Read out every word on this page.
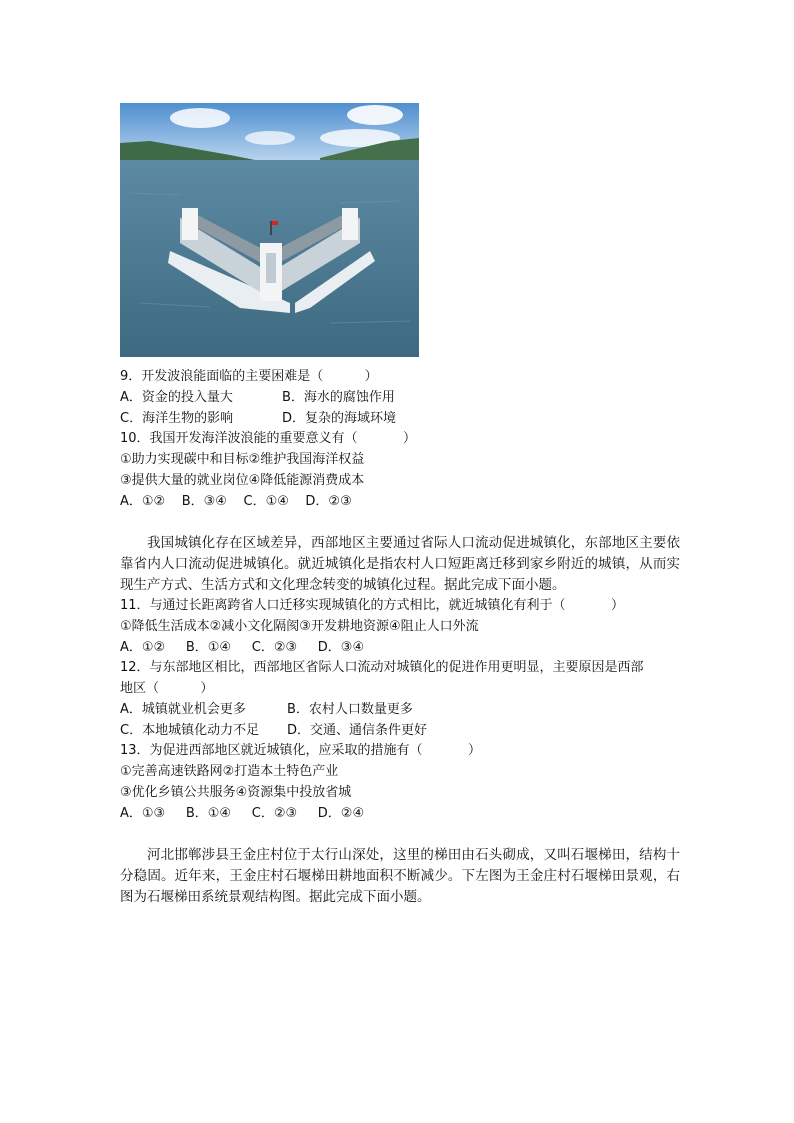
9．开发波浪能面临的主要困难是（          ）
A．资金的投入量大	B．海水的腐蚀作用
C．海洋生物的影响	D．复杂的海域环境
10．我国开发海洋波浪能的重要意义有（           ）
①助力实现碳中和目标②维护我国海洋权益
③提供大量的就业岗位④降低能源消费成本
A．①②    B．③④    C．①④    D．②③
我国城镇化存在区域差异，西部地区主要通过省际人口流动促进城镇化，东部地区主要依靠省内人口流动促进城镇化。就近城镇化是指农村人口短距离迁移到家乡附近的城镇，从而实现生产方式、生活方式和文化理念转变的城镇化过程。据此完成下面小题。
11．与通过长距离跨省人口迁移实现城镇化的方式相比，就近城镇化有利于（           ）
①降低生活成本②减小文化隔阂③开发耕地资源④阻止人口外流
A．①②     B．①④     C．②③     D．③④
12．与东部地区相比，西部地区省际人口流动对城镇化的促进作用更明显，主要原因是西部
地区（          ）
A．城镇就业机会更多	B．农村人口数量更多
C．本地城镇化动力不足 D．交通、通信条件更好
13．为促进西部地区就近城镇化，应采取的措施有（           ）
①完善高速铁路网②打造本土特色产业
③优化乡镇公共服务④资源集中投放省城
A．①③     B．①④     C．②③     D．②④
河北邯郸涉县王金庄村位于太行山深处，这里的梯田由石头砌成，又叫石堰梯田，结构十分稳固。近年来，王金庄村石堰梯田耕地面积不断减少。下左图为王金庄村石堰梯田景观，右图为石堰梯田系统景观结构图。据此完成下面小题。
